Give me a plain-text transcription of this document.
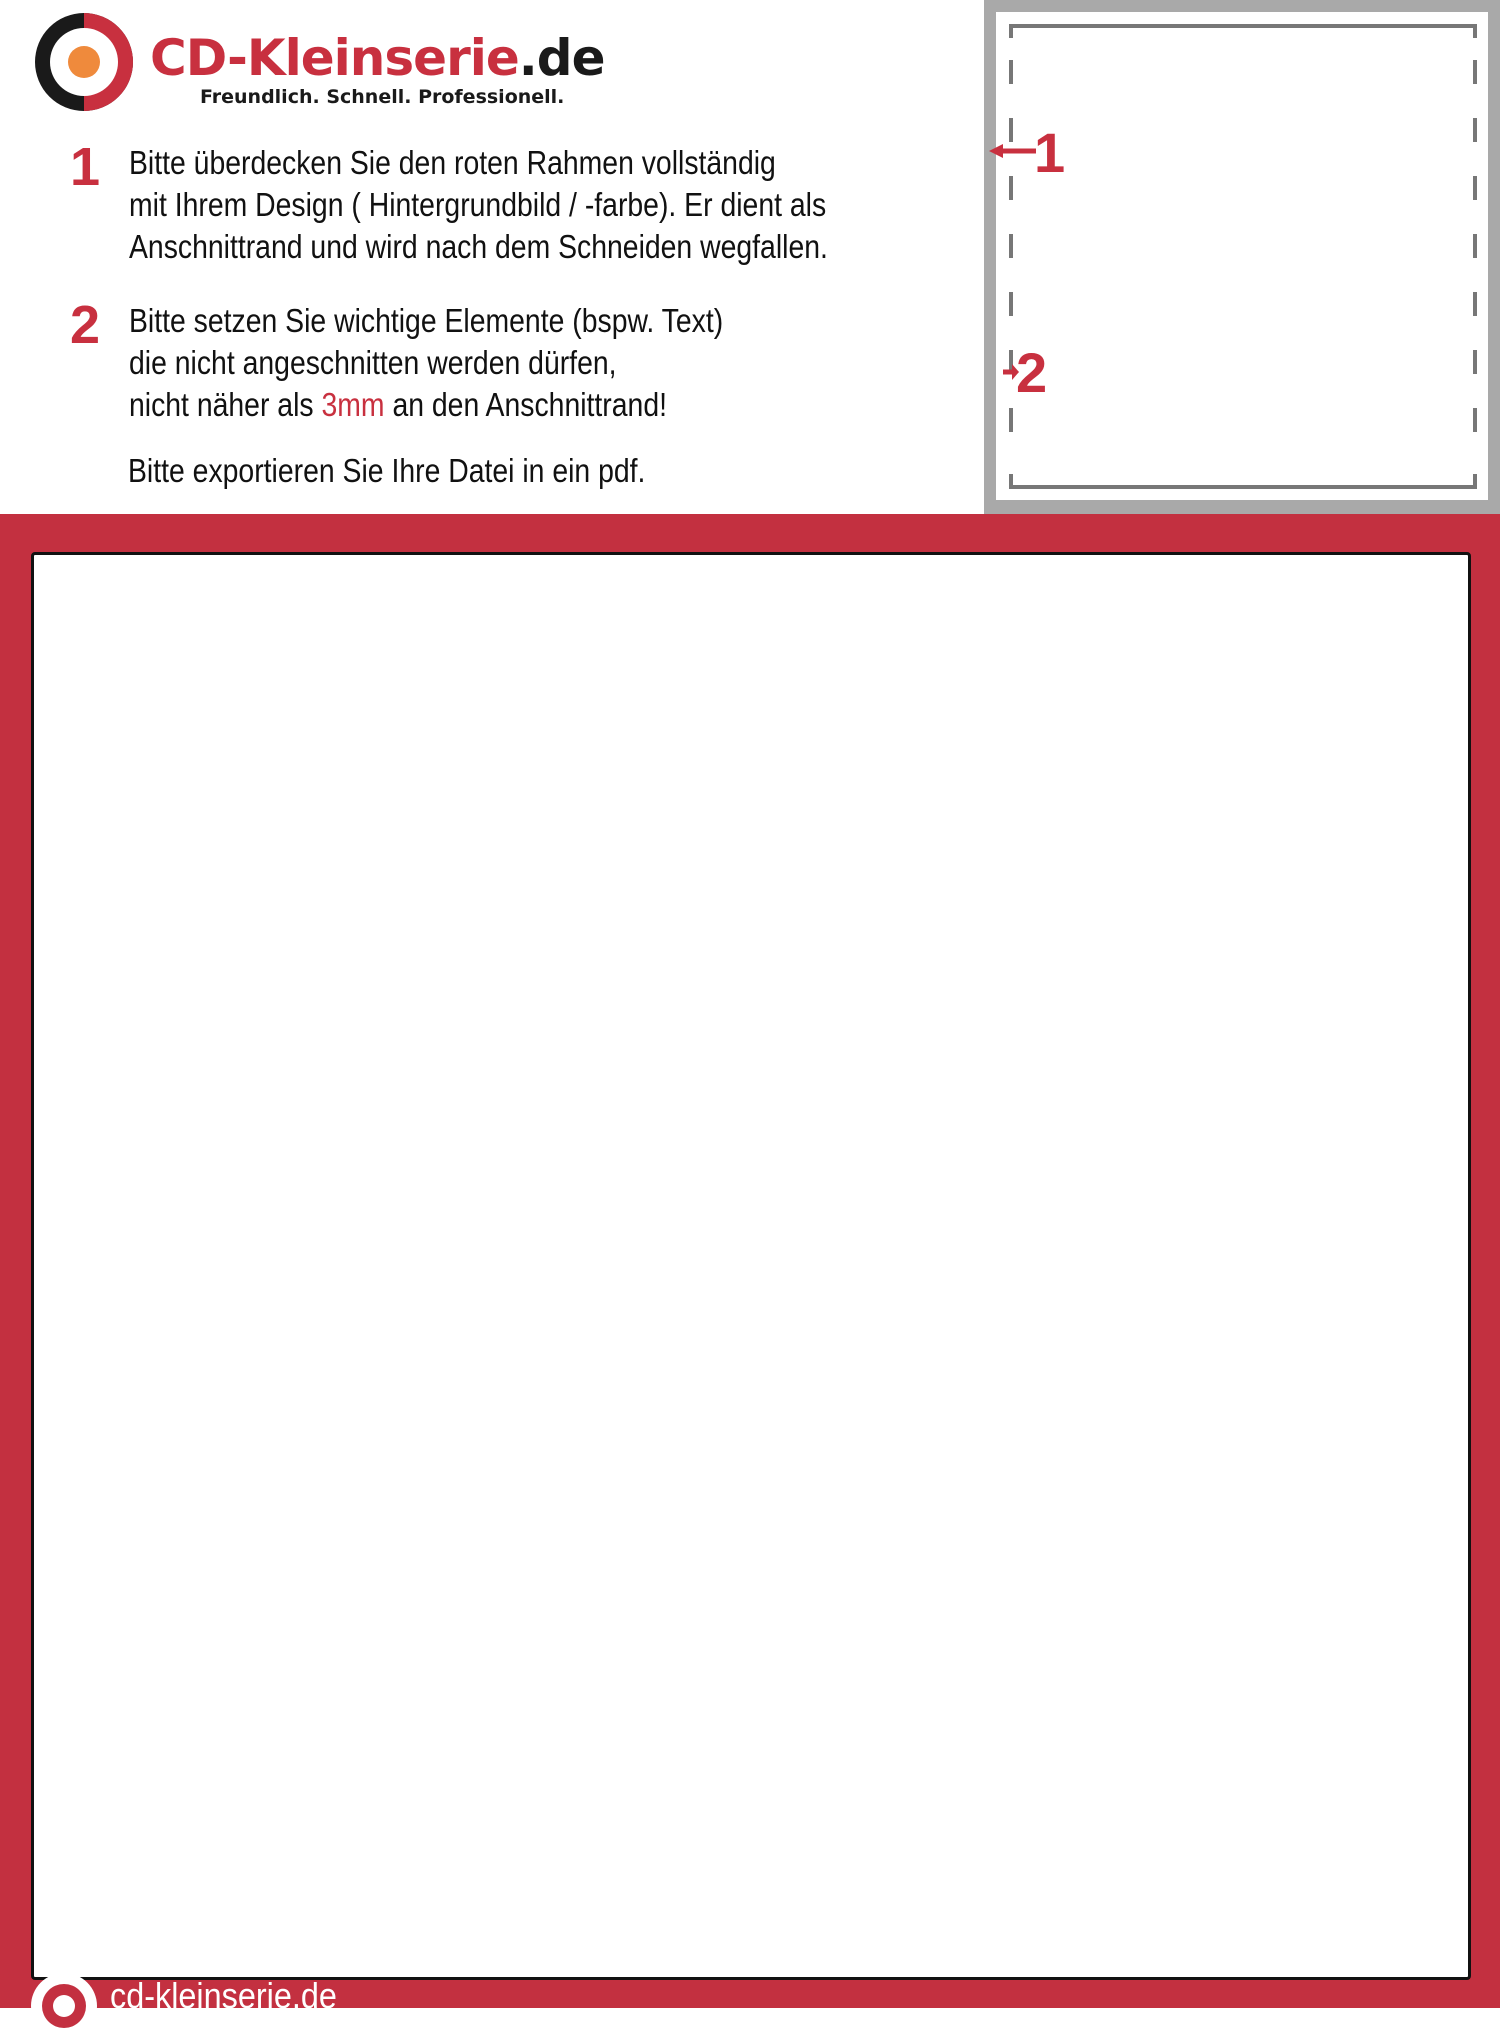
CD-Kleinserie.de
Freundlich. Schnell. Professionell.
1 Bitte überdecken Sie den roten Rahmen vollständig
mit Ihrem Design ( Hintergrundbild / -farbe). Er dient als
Anschnittrand und wird nach dem Schneiden wegfallen.
2 Bitte setzen Sie wichtige Elemente (bspw. Text)
die nicht angeschnitten werden dürfen,
nicht näher als 3mm an den Anschnittrand!
Bitte exportieren Sie Ihre Datei in ein pdf.
1
2
cd-kleinserie.de
